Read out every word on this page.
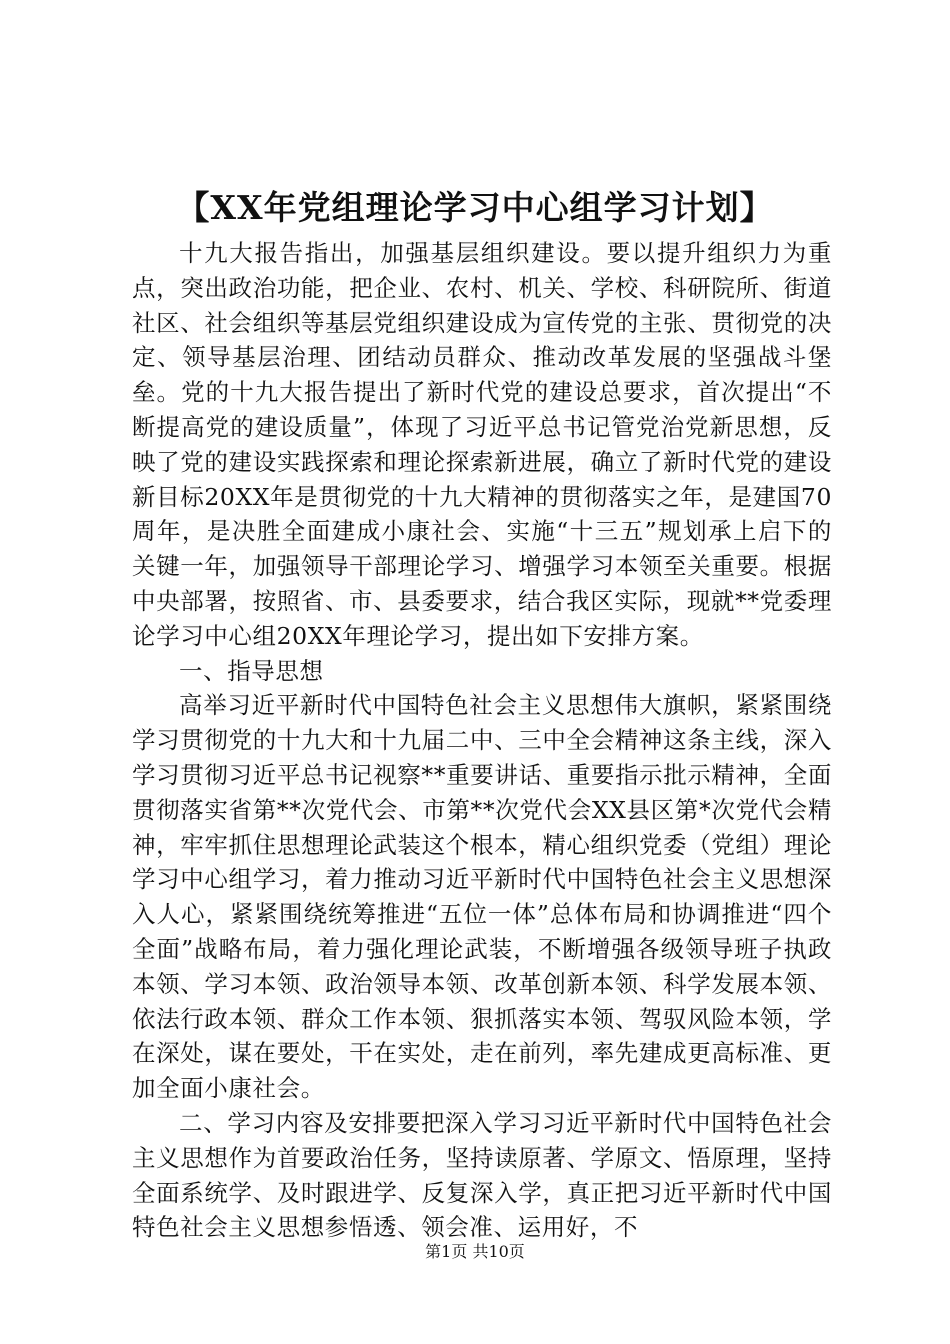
【XX年党组理论学习中心组学习计划】

十九大报告指出，加强基层组织建设。要以提升组织力为重点，突出政治功能，把企业、农村、机关、学校、科研院所、街道社区、社会组织等基层党组织建设成为宣传党的主张、贯彻党的决定、领导基层治理、团结动员群众、推动改革发展的坚强战斗堡垒。党的十九大报告提出了新时代党的建设总要求，首次提出“不断提高党的建设质量”，体现了习近平总书记管党治党新思想，反映了党的建设实践探索和理论探索新进展，确立了新时代党的建设新目标20XX年是贯彻党的十九大精神的贯彻落实之年，是建国70周年，是决胜全面建成小康社会、实施“十三五”规划承上启下的关键一年，加强领导干部理论学习、增强学习本领至关重要。根据中央部署，按照省、市、县委要求，结合我区实际，现就**党委理论学习中心组20XX年理论学习，提出如下安排方案。

一、指导思想

高举习近平新时代中国特色社会主义思想伟大旗帜，紧紧围绕学习贯彻党的十九大和十九届二中、三中全会精神这条主线，深入学习贯彻习近平总书记视察**重要讲话、重要指示批示精神，全面贯彻落实省第**次党代会、市第**次党代会XX县区第*次党代会精神，牢牢抓住思想理论武装这个根本，精心组织党委（党组）理论学习中心组学习，着力推动习近平新时代中国特色社会主义思想深入人心，紧紧围绕统筹推进“五位一体”总体布局和协调推进“四个全面”战略布局，着力强化理论武装，不断增强各级领导班子执政本领、学习本领、政治领导本领、改革创新本领、科学发展本领、依法行政本领、群众工作本领、狠抓落实本领、驾驭风险本领，学在深处，谋在要处，干在实处，走在前列，率先建成更高标准、更加全面小康社会。

二、学习内容及安排要把深入学习习近平新时代中国特色社会主义思想作为首要政治任务，坚持读原著、学原文、悟原理，坚持全面系统学、及时跟进学、反复深入学，真正把习近平新时代中国特色社会主义思想参悟透、领会准、运用好，不

第1页 共10页
